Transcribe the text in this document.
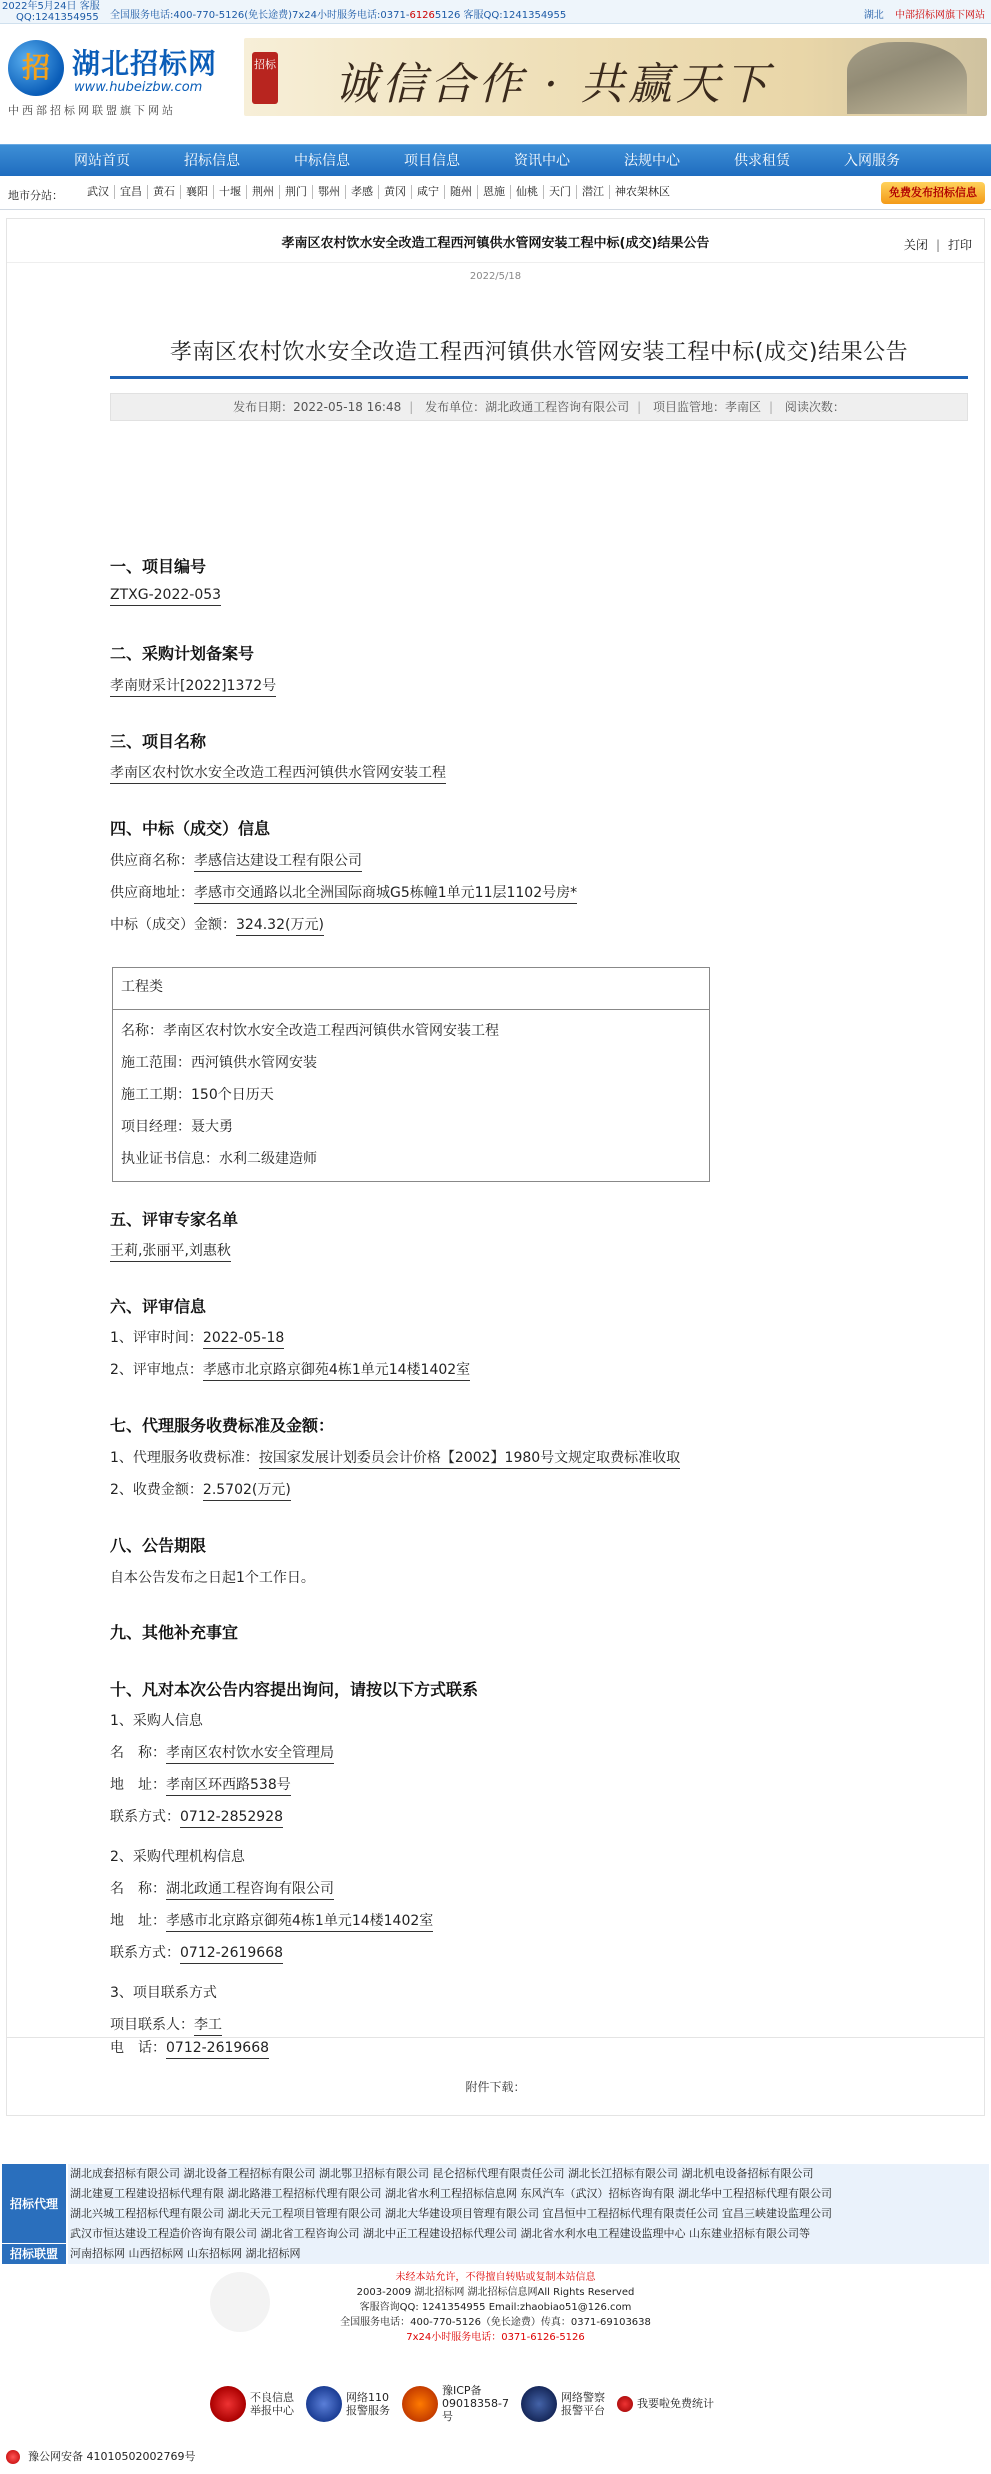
2022年5月24日 客服
QQ:1241354955	全国服务电话:400-770-5126(免长途费)7x24小时服务电话:0371-61265126 客服QQ:1241354955	湖北 中部招标网旗下网站
招 湖北招标网
www.hubeizbw.com
中西部招标网联盟旗下网站
招标 诚信合作 · 共赢天下
网站首页	招标信息	中标信息	项目信息	资讯中心	法规中心	供求租赁	入网服务
地市分站：	武汉	宜昌	黄石	襄阳	十堰	荆州	荆门	鄂州	孝感	黄冈	咸宁	随州	恩施	仙桃	天门	潜江	神农架林区	免费发布招标信息
孝南区农村饮水安全改造工程西河镇供水管网安装工程中标(成交)结果公告	关闭 | 打印
2022/5/18
孝南区农村饮水安全改造工程西河镇供水管网安装工程中标(成交)结果公告
发布日期：2022-05-18 16:48 | 发布单位：湖北政通工程咨询有限公司 | 项目监管地：孝南区 | 阅读次数：
一、项目编号
ZTXG-2022-053
二、采购计划备案号
孝南财采计[2022]1372号
三、项目名称
孝南区农村饮水安全改造工程西河镇供水管网安装工程
四、中标（成交）信息
供应商名称：孝感信达建设工程有限公司
供应商地址：孝感市交通路以北全洲国际商城G5栋幢1单元11层1102号房*
中标（成交）金额：324.32(万元)
工程类
名称：孝南区农村饮水安全改造工程西河镇供水管网安装工程
施工范围：西河镇供水管网安装
施工工期：150个日历天
项目经理：聂大勇
执业证书信息：水利二级建造师
五、评审专家名单
王莉,张丽平,刘惠秋
六、评审信息
1、评审时间：2022-05-18
2、评审地点：孝感市北京路京御苑4栋1单元14楼1402室
七、代理服务收费标准及金额：
1、代理服务收费标准：按国家发展计划委员会计价格【2002】1980号文规定取费标准收取
2、收费金额：2.5702(万元)
八、公告期限
自本公告发布之日起1个工作日。
九、其他补充事宜
十、凡对本次公告内容提出询问，请按以下方式联系
1、采购人信息
名　称：孝南区农村饮水安全管理局
地　址：孝南区环西路538号
联系方式：0712-2852928
2、采购代理机构信息
名　称：湖北政通工程咨询有限公司
地　址：孝感市北京路京御苑4栋1单元14楼1402室
联系方式：0712-2619668
3、项目联系方式
项目联系人：李工
电　话：0712-2619668
附件下载：
招标代理
招标联盟
湖北成套招标有限公司 湖北设备工程招标有限公司 湖北鄂卫招标有限公司 昆仑招标代理有限责任公司 湖北长江招标有限公司 湖北机电设备招标有限公司
湖北建夏工程建设招标代理有限 湖北路港工程招标代理有限公司 湖北省水利工程招标信息网 东风汽车（武汉）招标咨询有限 湖北华中工程招标代理有限公司
湖北兴城工程招标代理有限公司 湖北天元工程项目管理有限公司 湖北大华建设项目管理有限公司 宜昌恒中工程招标代理有限责任公司 宜昌三峡建设监理公司
武汉市恒达建设工程造价咨询有限公司 湖北省工程咨询公司 湖北中正工程建设招标代理公司 湖北省水利水电工程建设监理中心 山东建业招标有限公司等
河南招标网 山西招标网 山东招标网 湖北招标网
未经本站允许，不得擅自转贴或复制本站信息
2003-2009 湖北招标网 湖北招标信息网All Rights Reserved
客服咨询QQ: 1241354955 Email:zhaobiao51@126.com
全国服务电话：400-770-5126（免长途费）传真：0371-69103638
7x24小时服务电话：0371-6126-5126
不良信息
举报中心
网络110
报警服务
豫ICP备
09018358-7
号
网络警察
报警平台	我要啦免费统计
豫公网安备 41010502002769号
